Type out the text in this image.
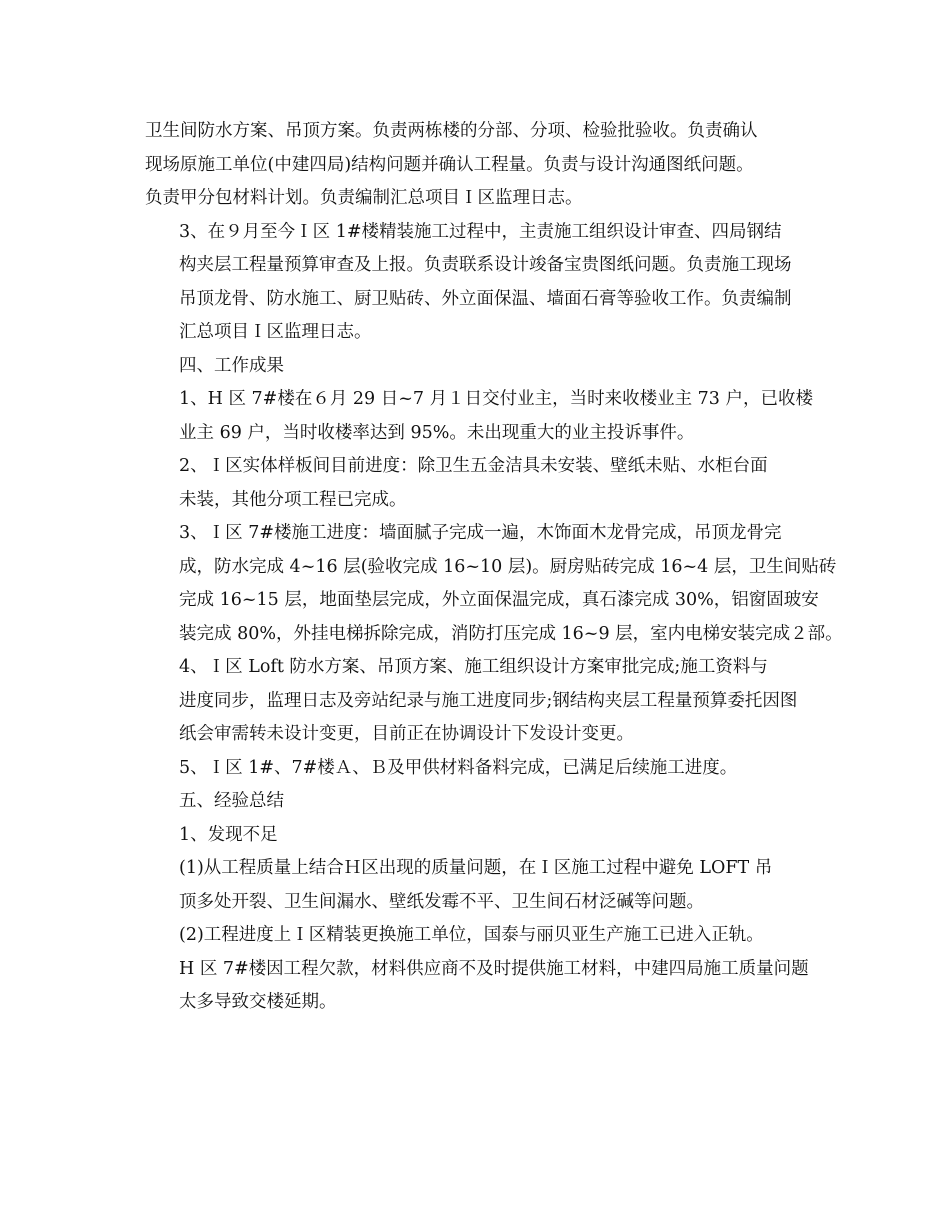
卫生间防水方案、吊顶方案。负责两栋楼的分部、分项、检验批验收。负责确认
现场原施工单位(中建四局)结构问题并确认工程量。负责与设计沟通图纸问题。
负责甲分包材料计划。负责编制汇总项目Ｉ区监理日志。

3、在９月至今Ｉ区 1#楼精装施工过程中，主责施工组织设计审查、四局钢结
构夹层工程量预算审查及上报。负责联系设计竣备宝贵图纸问题。负责施工现场
吊顶龙骨、防水施工、厨卫贴砖、外立面保温、墙面石膏等验收工作。负责编制
汇总项目Ｉ区监理日志。

四、工作成果

1、H 区 7#楼在６月 29 日~7 月１日交付业主，当时来收楼业主 73 户，已收楼
业主 69 户，当时收楼率达到 95%。未出现重大的业主投诉事件。

2、Ｉ区实体样板间目前进度：除卫生五金洁具未安装、壁纸未贴、水柜台面
未装，其他分项工程已完成。

3、Ｉ区 7#楼施工进度：墙面腻子完成一遍，木饰面木龙骨完成，吊顶龙骨完
成，防水完成 4~16 层(验收完成 16~10 层)。厨房贴砖完成 16~4 层，卫生间贴砖
完成 16~15 层，地面垫层完成，外立面保温完成，真石漆完成 30%，铝窗固玻安
装完成 80%，外挂电梯拆除完成，消防打压完成 16~9 层，室内电梯安装完成２部。

4、Ｉ区 Loft 防水方案、吊顶方案、施工组织设计方案审批完成;施工资料与
进度同步，监理日志及旁站纪录与施工进度同步;钢结构夹层工程量预算委托因图
纸会审需转未设计变更，目前正在协调设计下发设计变更。

5、Ｉ区 1#、7#楼Ａ、Ｂ及甲供材料备料完成，已满足后续施工进度。

五、经验总结

1、发现不足

(1)从工程质量上结合Ｈ区出现的质量问题，在Ｉ区施工过程中避免 LOFT 吊
顶多处开裂、卫生间漏水、壁纸发霉不平、卫生间石材泛碱等问题。

(2)工程进度上Ｉ区精装更换施工单位，国泰与丽贝亚生产施工已进入正轨。
H 区 7#楼因工程欠款，材料供应商不及时提供施工材料，中建四局施工质量问题
太多导致交楼延期。
